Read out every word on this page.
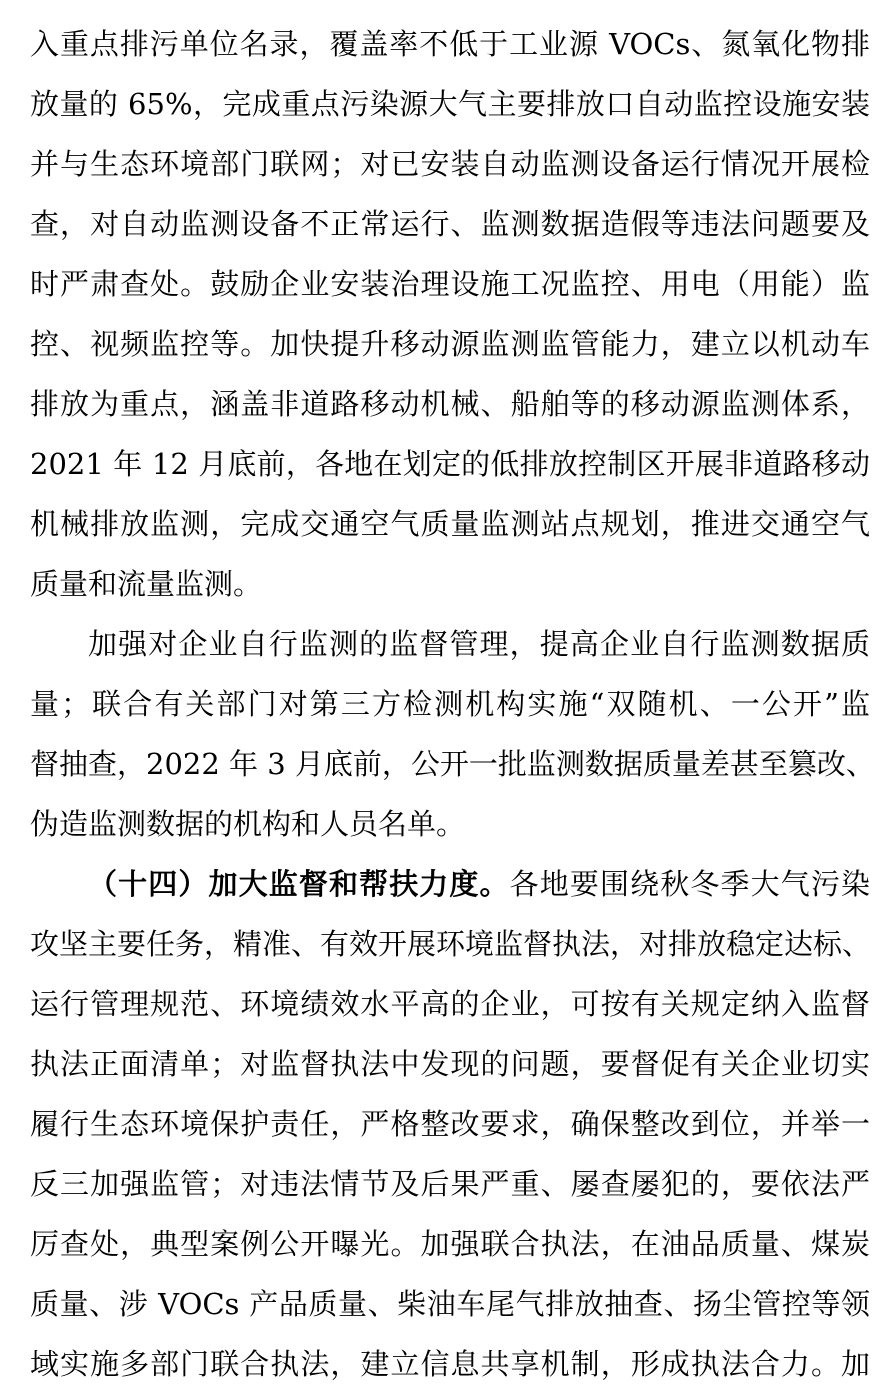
入重点排污单位名录，覆盖率不低于工业源 VOCs、氮氧化物排
放量的 65%，完成重点污染源大气主要排放口自动监控设施安装
并与生态环境部门联网；对已安装自动监测设备运行情况开展检
查，对自动监测设备不正常运行、监测数据造假等违法问题要及
时严肃查处。鼓励企业安装治理设施工况监控、用电（用能）监
控、视频监控等。加快提升移动源监测监管能力，建立以机动车
排放为重点，涵盖非道路移动机械、船舶等的移动源监测体系，
2021 年 12 月底前，各地在划定的低排放控制区开展非道路移动
机械排放监测，完成交通空气质量监测站点规划，推进交通空气
质量和流量监测。
加强对企业自行监测的监督管理，提高企业自行监测数据质
量；联合有关部门对第三方检测机构实施“双随机、一公开”监
督抽查，2022 年 3 月底前，公开一批监测数据质量差甚至篡改、
伪造监测数据的机构和人员名单。
（十四）加大监督和帮扶力度。各地要围绕秋冬季大气污染
攻坚主要任务，精准、有效开展环境监督执法，对排放稳定达标、
运行管理规范、环境绩效水平高的企业，可按有关规定纳入监督
执法正面清单；对监督执法中发现的问题，要督促有关企业切实
履行生态环境保护责任，严格整改要求，确保整改到位，并举一
反三加强监管；对违法情节及后果严重、屡查屡犯的，要依法严
厉查处，典型案例公开曝光。加强联合执法，在油品质量、煤炭
质量、涉 VOCs 产品质量、柴油车尾气排放抽查、扬尘管控等领
域实施多部门联合执法，建立信息共享机制，形成执法合力。加
